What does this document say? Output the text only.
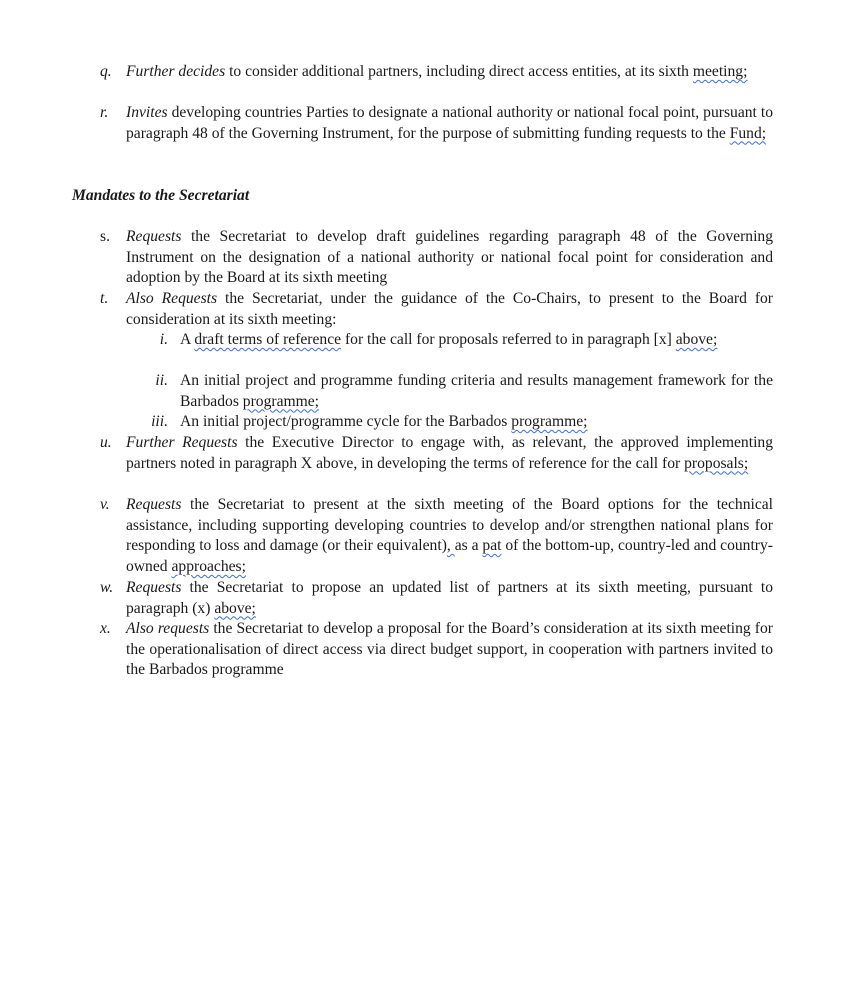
q. Further decides to consider additional partners, including direct access entities, at its sixth meeting;
r. Invites developing countries Parties to designate a national authority or national focal point, pursuant to paragraph 48 of the Governing Instrument, for the purpose of submitting funding requests to the Fund;
Mandates to the Secretariat
s. Requests the Secretariat to develop draft guidelines regarding paragraph 48 of the Governing Instrument on the designation of a national authority or national focal point for consideration and adoption by the Board at its sixth meeting
t. Also Requests the Secretariat, under the guidance of the Co-Chairs, to present to the Board for consideration at its sixth meeting:
i. A draft terms of reference for the call for proposals referred to in paragraph [x] above;
ii. An initial project and programme funding criteria and results management framework for the Barbados programme;
iii. An initial project/programme cycle for the Barbados programme;
u. Further Requests the Executive Director to engage with, as relevant, the approved implementing partners noted in paragraph X above, in developing the terms of reference for the call for proposals;
v. Requests the Secretariat to present at the sixth meeting of the Board options for the technical assistance, including supporting developing countries to develop and/or strengthen national plans for responding to loss and damage (or their equivalent), as a pat of the bottom-up, country-led and country-owned approaches;
w. Requests the Secretariat to propose an updated list of partners at its sixth meeting, pursuant to paragraph (x) above;
x. Also requests the Secretariat to develop a proposal for the Board’s consideration at its sixth meeting for the operationalisation of direct access via direct budget support, in cooperation with partners invited to the Barbados programme
